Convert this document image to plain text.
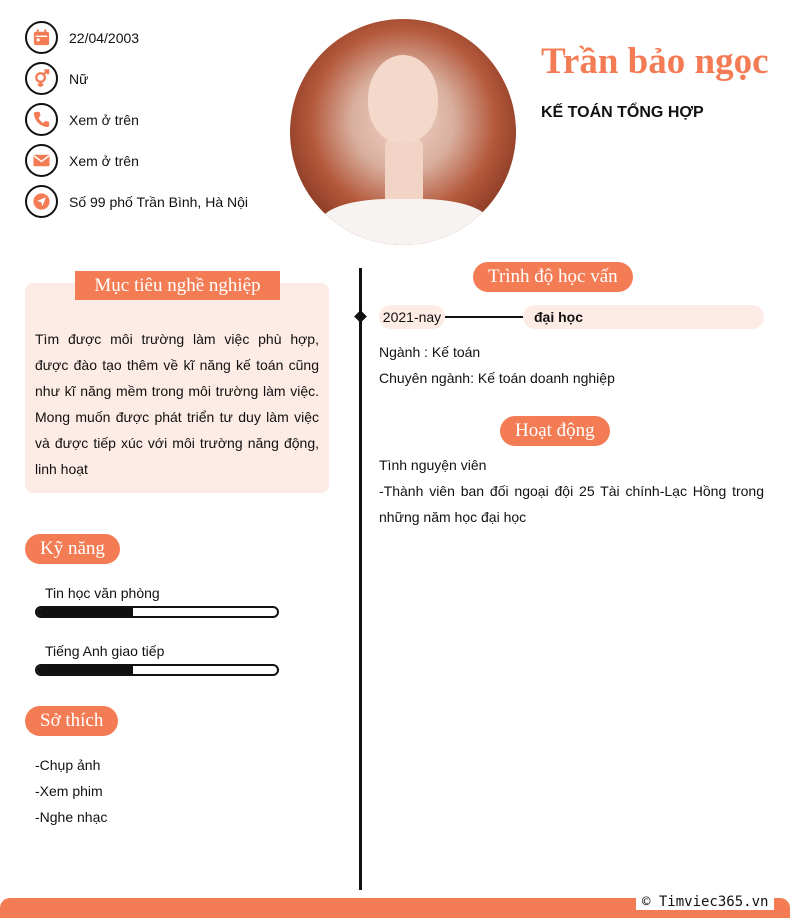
22/04/2003
Nữ
Xem ở trên
Xem ở trên
Số 99 phố Trần Bình, Hà Nội
Trần bảo ngọc
KẾ TOÁN TỔNG HỢP
Mục tiêu nghề nghiệp
Tìm được môi trường làm việc phù hợp, được đào tạo thêm về kĩ năng kế toán cũng như kĩ năng mềm trong môi trường làm việc. Mong muốn được phát triển tư duy làm việc và được tiếp xúc với môi trường năng động, linh hoạt
Kỹ năng
Tin học văn phòng
Tiếng Anh giao tiếp
Sở thích
-Chụp ảnh
-Xem phim
-Nghe nhạc
Trình độ học vấn
2021-nay	đại học
Ngành : Kế toán
Chuyên ngành: Kế toán doanh nghiệp
Hoạt động
Tình nguyện viên
-Thành viên ban đối ngoại đội 25 Tài chính-Lạc Hồng trong những năm học đại học
© Timviec365.vn
